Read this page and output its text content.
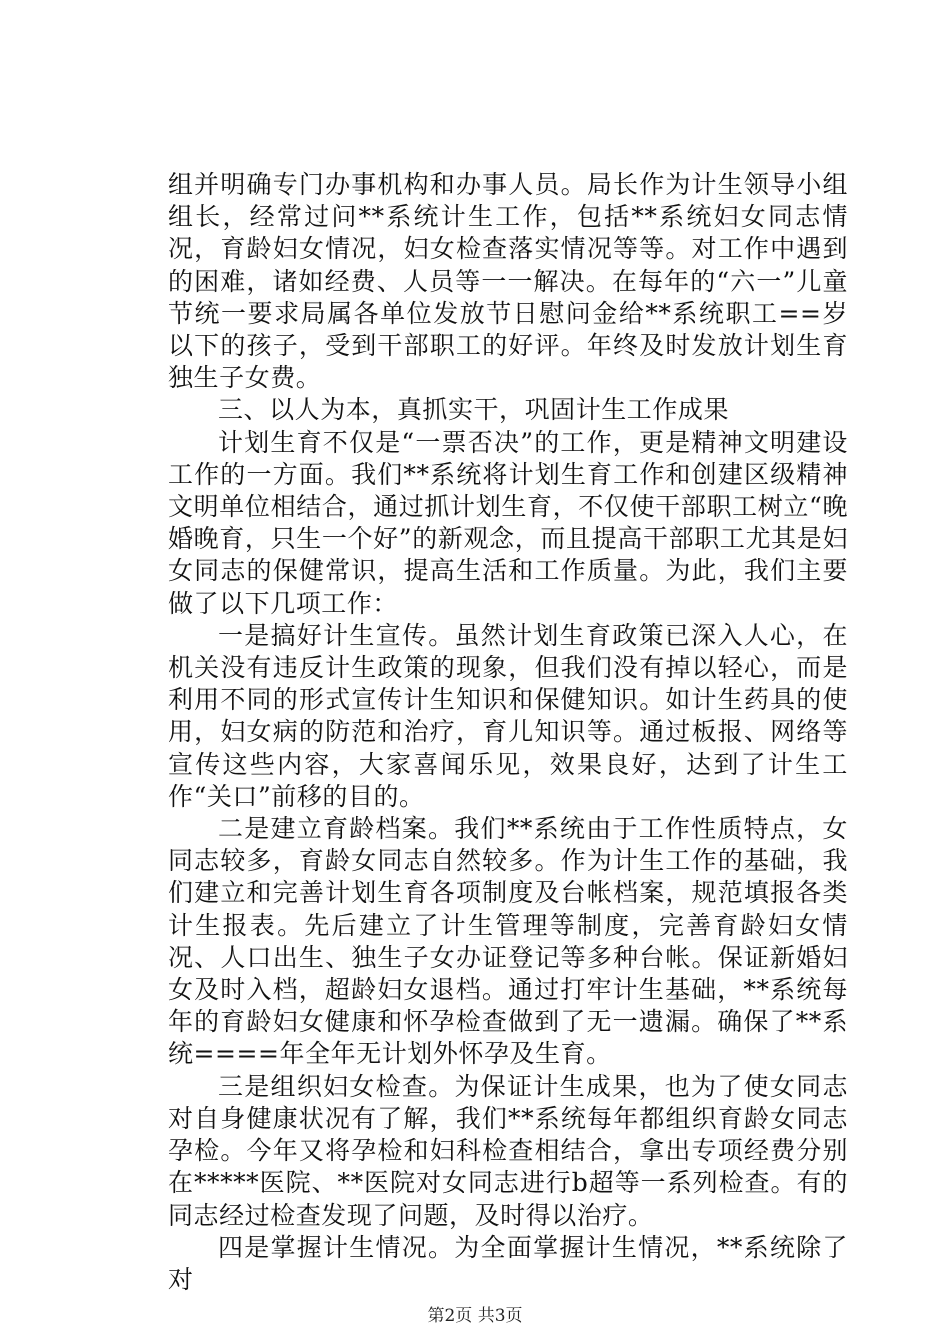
组并明确专门办事机构和办事人员。局长作为计生领导小组组长，经常过问**系统计生工作，包括**系统妇女同志情况，育龄妇女情况，妇女检查落实情况等等。对工作中遇到的困难，诸如经费、人员等一一解决。在每年的“六一”儿童节统一要求局属各单位发放节日慰问金给**系统职工==岁以下的孩子，受到干部职工的好评。年终及时发放计划生育独生子女费。

三、以人为本，真抓实干，巩固计生工作成果

计划生育不仅是“一票否决”的工作，更是精神文明建设工作的一方面。我们**系统将计划生育工作和创建区级精神文明单位相结合，通过抓计划生育，不仅使干部职工树立“晚婚晚育，只生一个好”的新观念，而且提高干部职工尤其是妇女同志的保健常识，提高生活和工作质量。为此，我们主要做了以下几项工作：

一是搞好计生宣传。虽然计划生育政策已深入人心，在机关没有违反计生政策的现象，但我们没有掉以轻心，而是利用不同的形式宣传计生知识和保健知识。如计生药具的使用，妇女病的防范和治疗，育儿知识等。通过板报、网络等宣传这些内容，大家喜闻乐见，效果良好，达到了计生工作“关口”前移的目的。

二是建立育龄档案。我们**系统由于工作性质特点，女同志较多，育龄女同志自然较多。作为计生工作的基础，我们建立和完善计划生育各项制度及台帐档案，规范填报各类计生报表。先后建立了计生管理等制度，完善育龄妇女情况、人口出生、独生子女办证登记等多种台帐。保证新婚妇女及时入档，超龄妇女退档。通过打牢计生基础，**系统每年的育龄妇女健康和怀孕检查做到了无一遗漏。确保了**系统====年全年无计划外怀孕及生育。

三是组织妇女检查。为保证计生成果，也为了使女同志对自身健康状况有了解，我们**系统每年都组织育龄女同志孕检。今年又将孕检和妇科检查相结合，拿出专项经费分别在*****医院、**医院对女同志进行b超等一系列检查。有的同志经过检查发现了问题，及时得以治疗。

四是掌握计生情况。为全面掌握计生情况，**系统除了对

第2页 共3页
